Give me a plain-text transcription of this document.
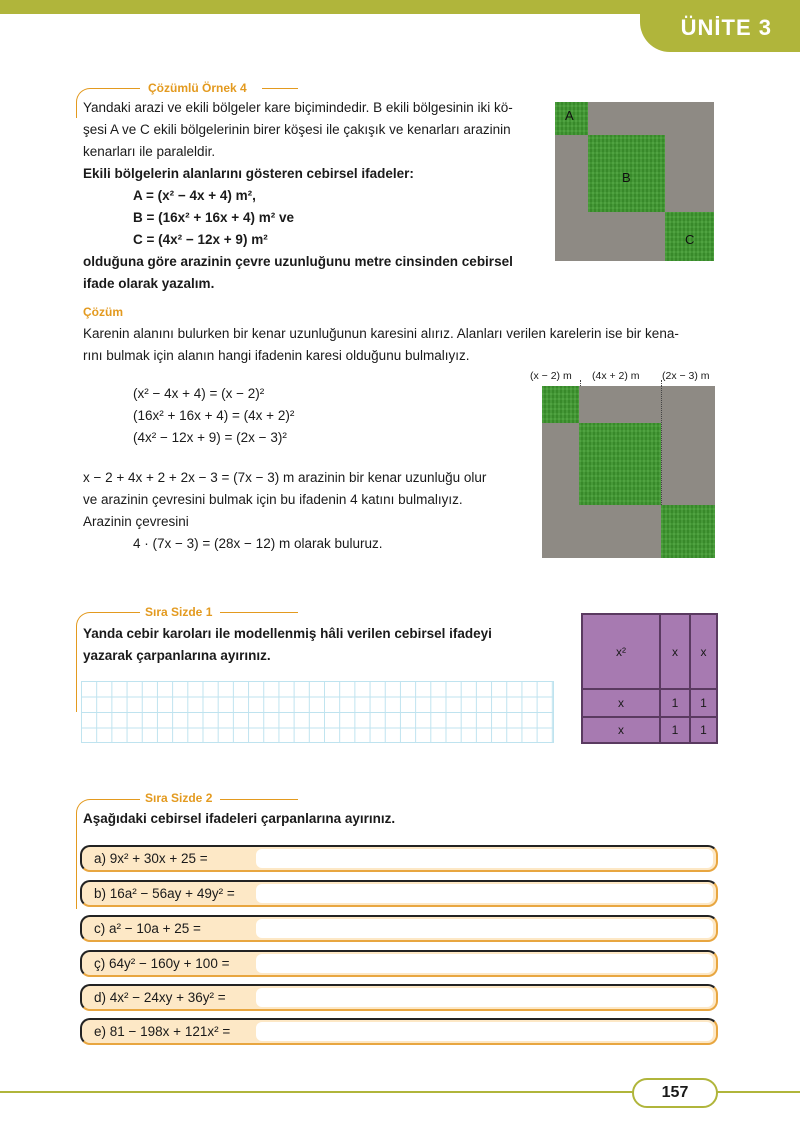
ÜNİTE 3
Çözümlü Örnek 4
Yandaki arazi ve ekili bölgeler kare biçimindedir. B ekili bölgesinin iki kö-
şesi A ve C ekili bölgelerinin birer köşesi ile çakışık ve kenarları arazinin
kenarları ile paraleldir.
Ekili bölgelerin alanlarını gösteren cebirsel ifadeler:
A = (x² − 4x + 4) m²,
B = (16x² + 16x + 4) m² ve
C = (4x² − 12x + 9) m²
olduğuna göre arazinin çevre uzunluğunu metre cinsinden cebirsel
ifade olarak yazalım.
A
B
C
Çözüm
Karenin alanını bulurken bir kenar uzunluğunun karesini alırız. Alanları verilen karelerin ise bir kena-
rını bulmak için alanın hangi ifadenin karesi olduğunu bulmalıyız.
(x² − 4x + 4) = (x − 2)²
(16x² + 16x + 4) = (4x + 2)²
(4x² − 12x + 9) = (2x − 3)²
x − 2 + 4x + 2 + 2x − 3 = (7x − 3) m arazinin bir kenar uzunluğu olur
ve arazinin çevresini bulmak için bu ifadenin 4 katını bulmalıyız.
Arazinin çevresini
4 · (7x − 3) = (28x − 12) m olarak buluruz.
(x − 2) m (4x + 2) m (2x − 3) m
Sıra Sizde 1
Yanda cebir karoları ile modellenmiş hâli verilen cebirsel ifadeyi
yazarak çarpanlarına ayırınız.	x²	x x
x	1 1
x	1 1
Sıra Sizde 2
Aşağıdaki cebirsel ifadeleri çarpanlarına ayırınız.
a) 9x² + 30x + 25 =
b) 16a² − 56ay + 49y² =
c) a² − 10a + 25 =
ç) 64y² − 160y + 100 =
d) 4x² − 24xy + 36y² =
e) 81 − 198x + 121x² =
157
